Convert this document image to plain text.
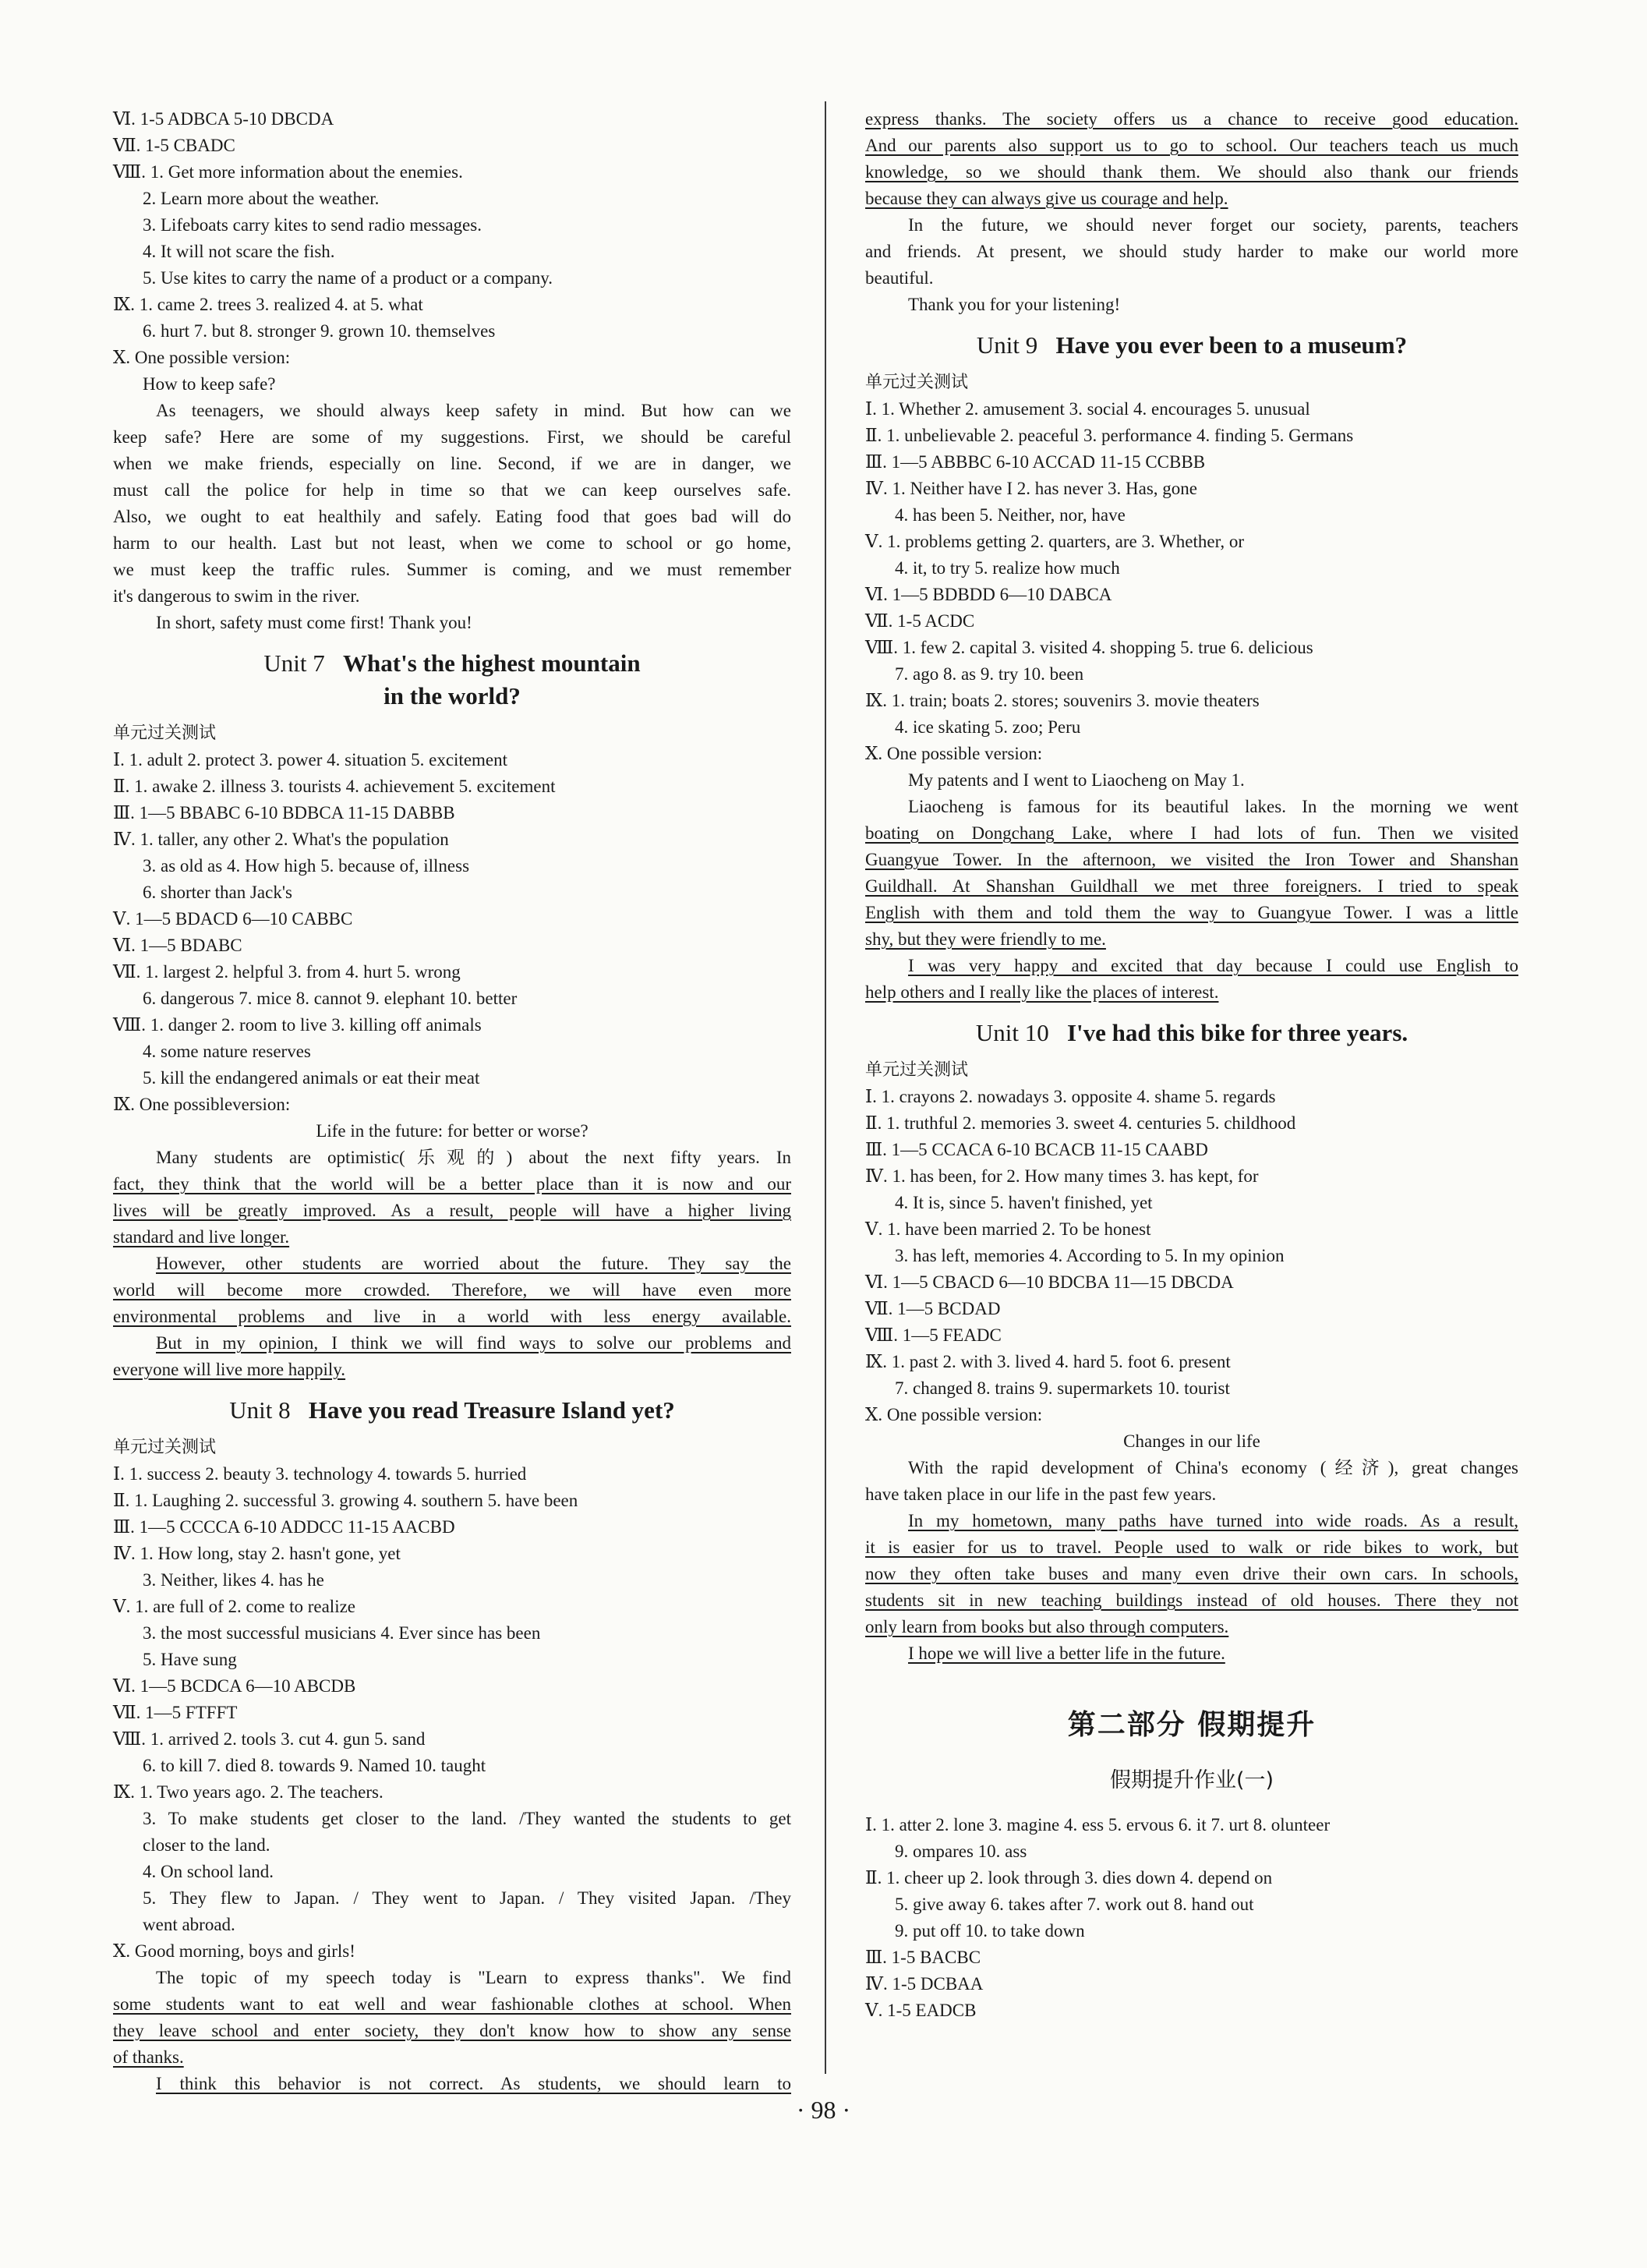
Ⅵ. 1-5 ADBCA 5-10 DBCDA
Ⅶ. 1-5 CBADC
Ⅷ. 1. Get more information about the enemies.
2. Learn more about the weather.
3. Lifeboats carry kites to send radio messages.
4. It will not scare the fish.
5. Use kites to carry the name of a product or a company.
Ⅸ. 1. came 2. trees 3. realized 4. at 5. what
6. hurt 7. but 8. stronger 9. grown 10. themselves
Ⅹ. One possible version:
How to keep safe?
As teenagers, we should always keep safety in mind. But how can we
keep safe? Here are some of my suggestions. First, we should be careful
when we make friends, especially on line. Second, if we are in danger, we
must call the police for help in time so that we can keep ourselves safe.
Also, we ought to eat healthily and safely. Eating food that goes bad will do
harm to our health. Last but not least, when we come to school or go home,
we must keep the traffic rules. Summer is coming, and we must remember
it's dangerous to swim in the river.
In short, safety must come first! Thank you!
Unit 7 What's the highest mountain
in the world?
单元过关测试
Ⅰ. 1. adult 2. protect 3. power 4. situation 5. excitement
Ⅱ. 1. awake 2. illness 3. tourists 4. achievement 5. excitement
Ⅲ. 1—5 BBABC 6-10 BDBCA 11-15 DABBB
Ⅳ. 1. taller, any other 2. What's the population
3. as old as 4. How high 5. because of, illness
6. shorter than Jack's
Ⅴ. 1—5 BDACD 6—10 CABBC
Ⅵ. 1—5 BDABC
Ⅶ. 1. largest 2. helpful 3. from 4. hurt 5. wrong
6. dangerous 7. mice 8. cannot 9. elephant 10. better
Ⅷ. 1. danger 2. room to live 3. killing off animals
4. some nature reserves
5. kill the endangered animals or eat their meat
Ⅸ. One possibleversion:
Life in the future: for better or worse?
Many students are optimistic(乐观的) about the next fifty years. In
fact, they think that the world will be a better place than it is now and our
lives will be greatly improved. As a result, people will have a higher living
standard and live longer.
However, other students are worried about the future. They say the
world will become more crowded. Therefore, we will have even more
environmental problems and live in a world with less energy available.
But in my opinion, I think we will find ways to solve our problems and
everyone will live more happily.
Unit 8 Have you read Treasure Island yet?
单元过关测试
Ⅰ. 1. success 2. beauty 3. technology 4. towards 5. hurried
Ⅱ. 1. Laughing 2. successful 3. growing 4. southern 5. have been
Ⅲ. 1—5 CCCCA 6-10 ADDCC 11-15 AACBD
Ⅳ. 1. How long, stay 2. hasn't gone, yet
3. Neither, likes 4. has he
Ⅴ. 1. are full of 2. come to realize
3. the most successful musicians 4. Ever since has been
5. Have sung
Ⅵ. 1—5 BCDCA 6—10 ABCDB
Ⅶ. 1—5 FTFFT
Ⅷ. 1. arrived 2. tools 3. cut 4. gun 5. sand
6. to kill 7. died 8. towards 9. Named 10. taught
Ⅸ. 1. Two years ago. 2. The teachers.
3. To make students get closer to the land. /They wanted the students to get
closer to the land.
4. On school land.
5. They flew to Japan. / They went to Japan. / They visited Japan. /They
went abroad.
Ⅹ. Good morning, boys and girls!
The topic of my speech today is "Learn to express thanks". We find
some students want to eat well and wear fashionable clothes at school. When
they leave school and enter society, they don't know how to show any sense
of thanks.
I think this behavior is not correct. As students, we should learn to
express thanks. The society offers us a chance to receive good education.
And our parents also support us to go to school. Our teachers teach us much
knowledge, so we should thank them. We should also thank our friends
because they can always give us courage and help.
In the future, we should never forget our society, parents, teachers
and friends. At present, we should study harder to make our world more
beautiful.
Thank you for your listening!
Unit 9 Have you ever been to a museum?
单元过关测试
Ⅰ. 1. Whether 2. amusement 3. social 4. encourages 5. unusual
Ⅱ. 1. unbelievable 2. peaceful 3. performance 4. finding 5. Germans
Ⅲ. 1—5 ABBBC 6-10 ACCAD 11-15 CCBBB
Ⅳ. 1. Neither have I 2. has never 3. Has, gone
4. has been 5. Neither, nor, have
Ⅴ. 1. problems getting 2. quarters, are 3. Whether, or
4. it, to try 5. realize how much
Ⅵ. 1—5 BDBDD 6—10 DABCA
Ⅶ. 1-5 ACDC
Ⅷ. 1. few 2. capital 3. visited 4. shopping 5. true 6. delicious
7. ago 8. as 9. try 10. been
Ⅸ. 1. train; boats 2. stores; souvenirs 3. movie theaters
4. ice skating 5. zoo; Peru
Ⅹ. One possible version:
My patents and I went to Liaocheng on May 1.
Liaocheng is famous for its beautiful lakes. In the morning we went
boating on Dongchang Lake, where I had lots of fun. Then we visited
Guangyue Tower. In the afternoon, we visited the Iron Tower and Shanshan
Guildhall. At Shanshan Guildhall we met three foreigners. I tried to speak
English with them and told them the way to Guangyue Tower. I was a little
shy, but they were friendly to me.
I was very happy and excited that day because I could use English to
help others and I really like the places of interest.
Unit 10 I've had this bike for three years.
单元过关测试
Ⅰ. 1. crayons 2. nowadays 3. opposite 4. shame 5. regards
Ⅱ. 1. truthful 2. memories 3. sweet 4. centuries 5. childhood
Ⅲ. 1—5 CCACA 6-10 BCACB 11-15 CAABD
Ⅳ. 1. has been, for 2. How many times 3. has kept, for
4. It is, since 5. haven't finished, yet
Ⅴ. 1. have been married 2. To be honest
3. has left, memories 4. According to 5. In my opinion
Ⅵ. 1—5 CBACD 6—10 BDCBA 11—15 DBCDA
Ⅶ. 1—5 BCDAD
Ⅷ. 1—5 FEADC
Ⅸ. 1. past 2. with 3. lived 4. hard 5. foot 6. present
7. changed 8. trains 9. supermarkets 10. tourist
Ⅹ. One possible version:
Changes in our life
With the rapid development of China's economy (经济), great changes
have taken place in our life in the past few years.
In my hometown, many paths have turned into wide roads. As a result,
it is easier for us to travel. People used to walk or ride bikes to work, but
now they often take buses and many even drive their own cars. In schools,
students sit in new teaching buildings instead of old houses. There they not
only learn from books but also through computers.
I hope we will live a better life in the future.
第二部分 假期提升
假期提升作业(一)
Ⅰ. 1. atter 2. lone 3. magine 4. ess 5. ervous 6. it 7. urt 8. olunteer
9. ompares 10. ass
Ⅱ. 1. cheer up 2. look through 3. dies down 4. depend on
5. give away 6. takes after 7. work out 8. hand out
9. put off 10. to take down
Ⅲ. 1-5 BACBC
Ⅳ. 1-5 DCBAA
Ⅴ. 1-5 EADCB
· 98 ·
